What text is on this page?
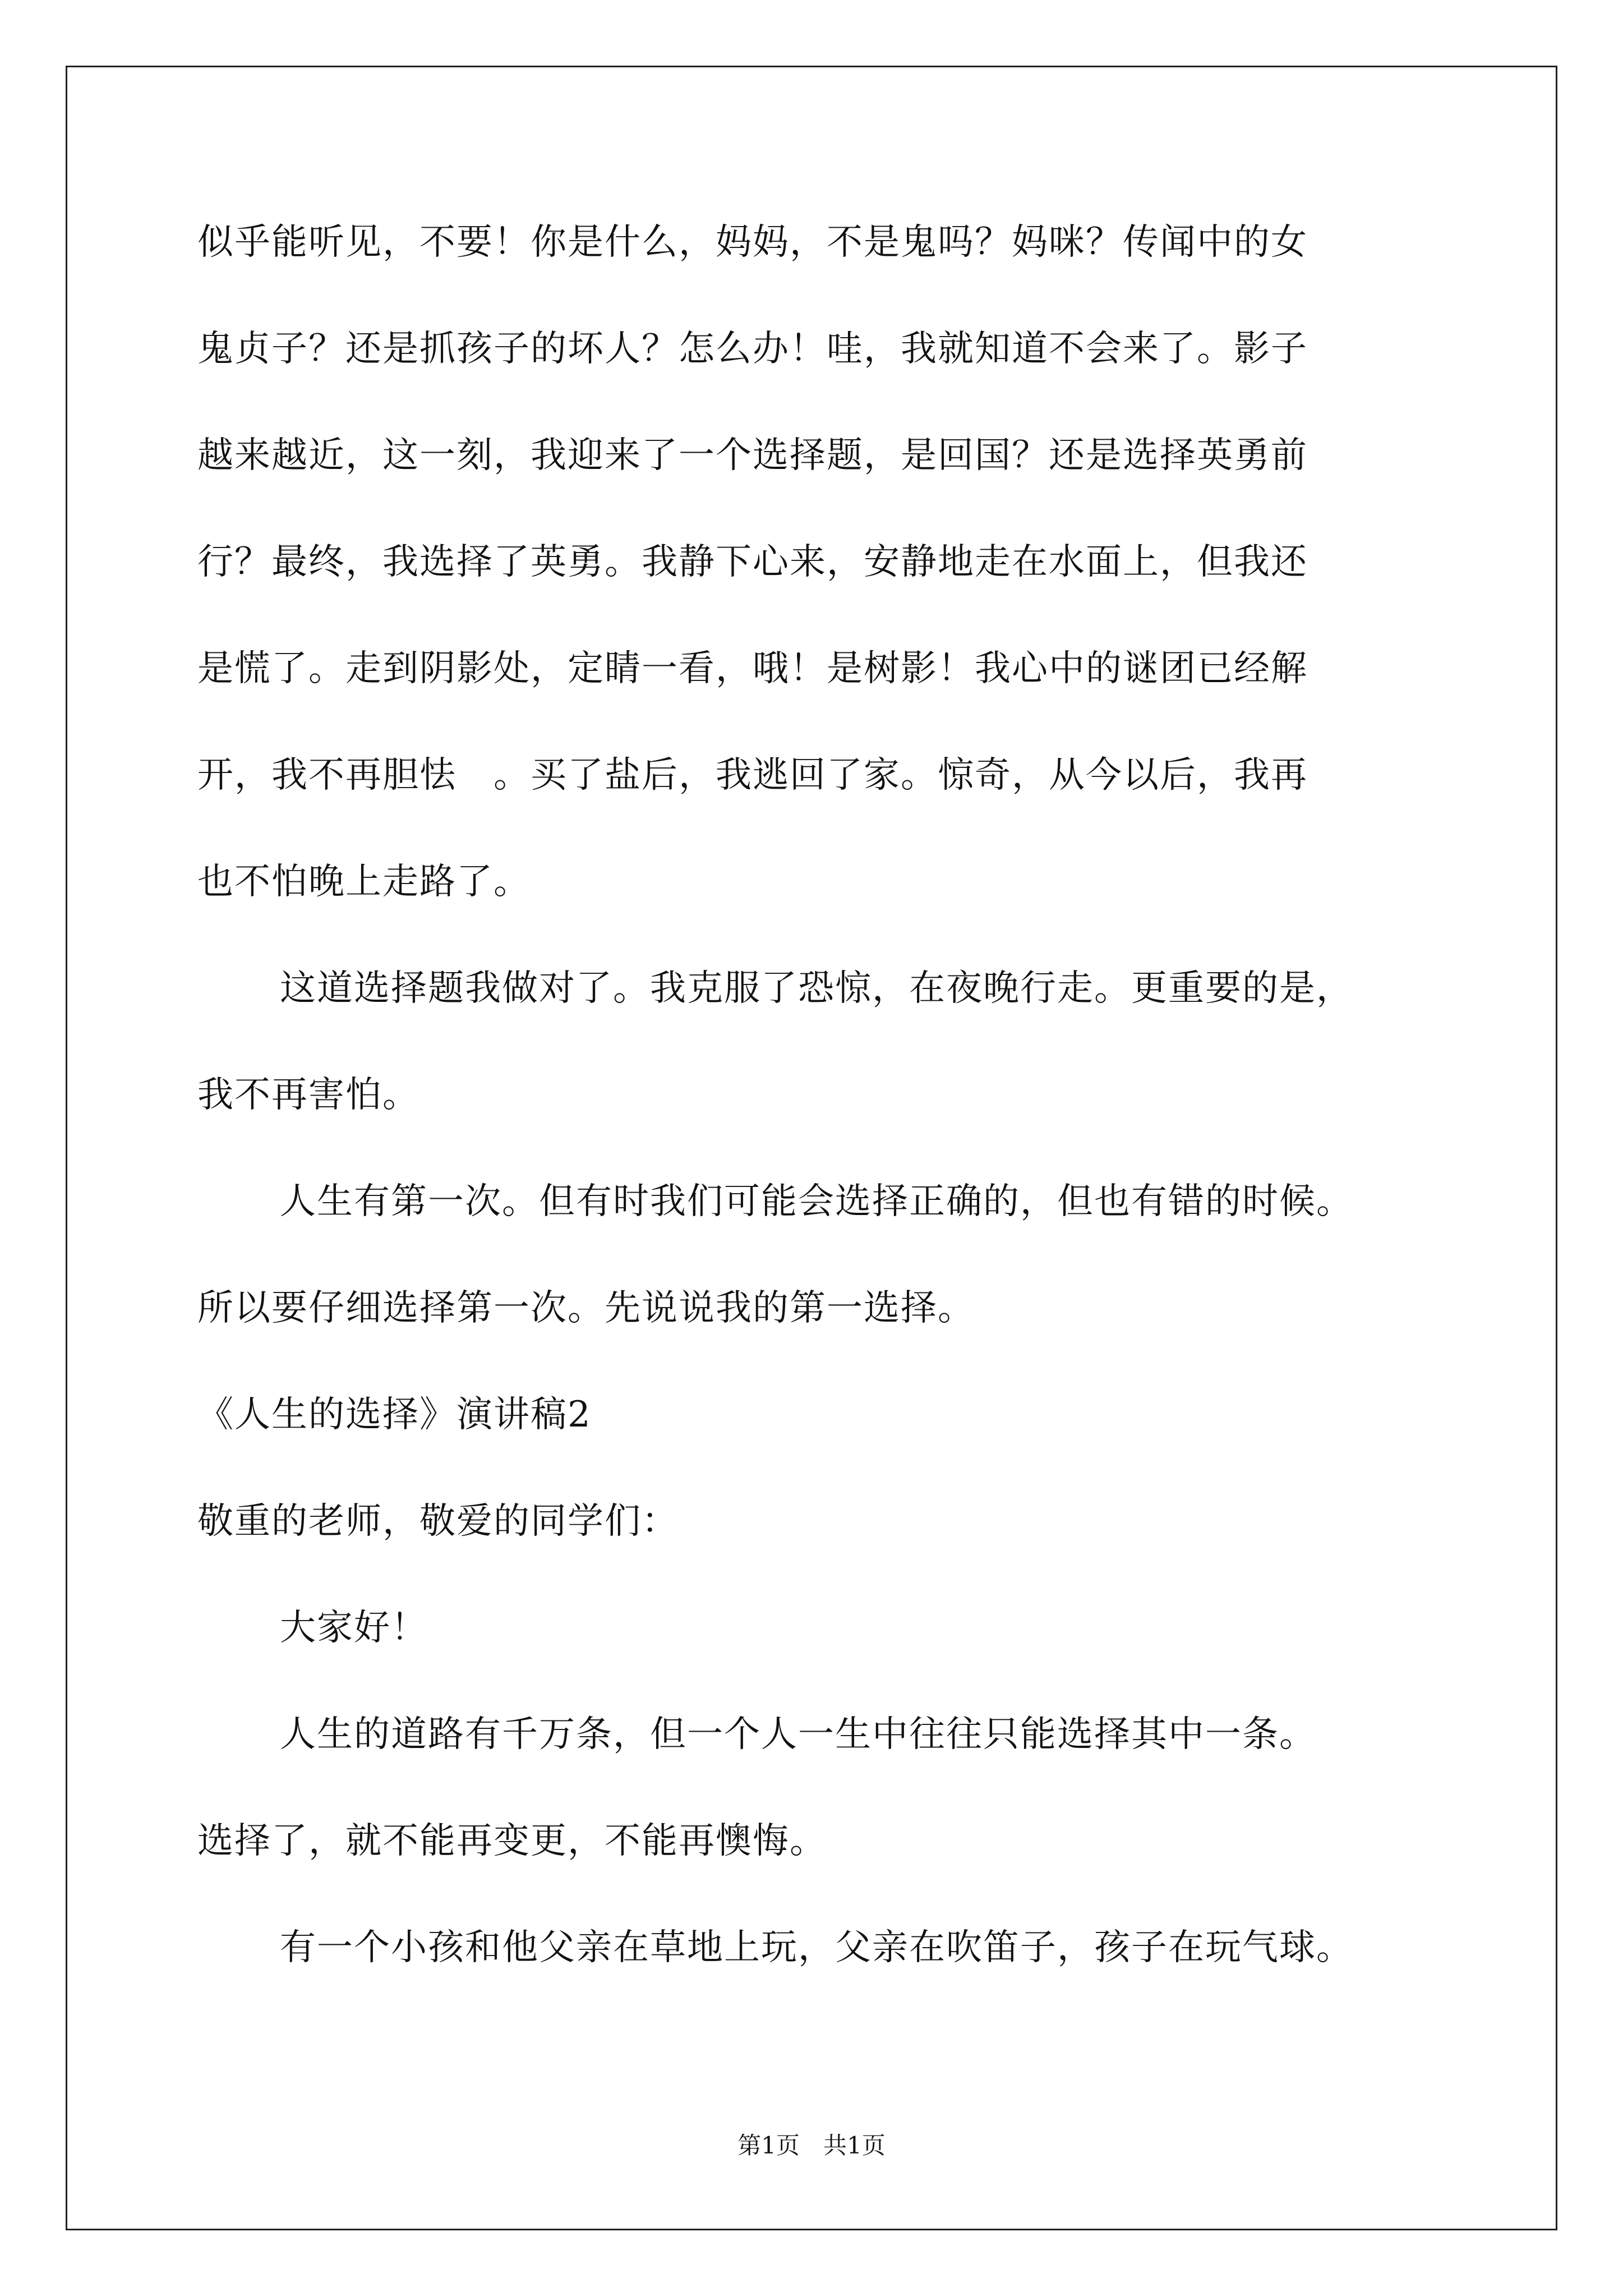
似乎能听见，不要！你是什么，妈妈，不是鬼吗？妈咪？传闻中的女
鬼贞子？还是抓孩子的坏人？怎么办！哇，我就知道不会来了。影子
越来越近，这一刻，我迎来了一个选择题，是回国？还是选择英勇前
行？最终，我选择了英勇。我静下心来，安静地走在水面上，但我还
是慌了。走到阴影处，定睛一看，哦！是树影！我心中的谜团已经解
开，我不再胆怯　。买了盐后，我逃回了家。惊奇，从今以后，我再
也不怕晚上走路了。
这道选择题我做对了。我克服了恐惊，在夜晚行走。更重要的是，
我不再害怕。
人生有第一次。但有时我们可能会选择正确的，但也有错的时候。
所以要仔细选择第一次。先说说我的第一选择。
《人生的选择》演讲稿2
敬重的老师，敬爱的同学们：
大家好！
人生的道路有千万条，但一个人一生中往往只能选择其中一条。
选择了，就不能再变更，不能再懊悔。
有一个小孩和他父亲在草地上玩，父亲在吹笛子，孩子在玩气球。
第1页　共1页
